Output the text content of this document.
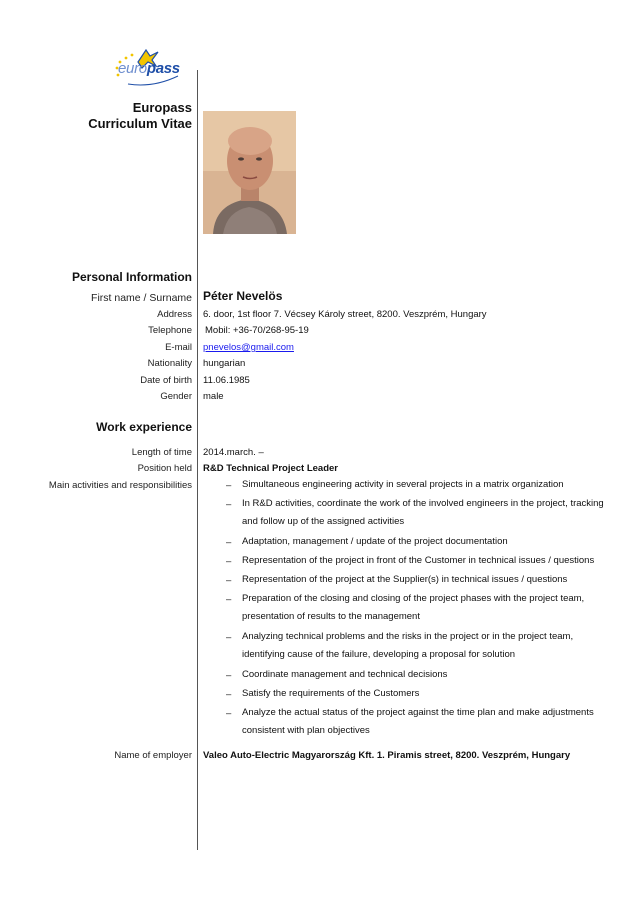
europass
Europass
Curriculum Vitae
Personal Information
First name / Surname Péter Nevelös
Address 6. door, 1st floor 7. Vécsey Károly street, 8200. Veszprém, Hungary
Telephone Mobil: +36-70/268-95-19
E-mail pnevelos@gmail.com
Nationality hungarian
Date of birth 11.06.1985
Gender male
Work experience
Length of time 2014.march. –
Position held R&D Technical Project Leader
Main activities and responsibilities	– Simultaneous engineering activity in several projects in a matrix organization
– In R&D activities, coordinate the work of the involved engineers in the project, tracking and follow up of the assigned activities
– Adaptation, management / update of the project documentation
– Representation of the project in front of the Customer in technical issues / questions
– Representation of the project at the Supplier(s) in technical issues / questions
– Preparation of the closing and closing of the project phases with the project team, presentation of results to the management
– Analyzing technical problems and the risks in the project or in the project team, identifying cause of the failure, developing a proposal for solution
– Coordinate management and technical decisions
– Satisfy the requirements of the Customers
– Analyze the actual status of the project against the time plan and make adjustments consistent with plan objectives
Name of employer Valeo Auto-Electric Magyarország Kft. 1. Piramis street, 8200. Veszprém, Hungary
